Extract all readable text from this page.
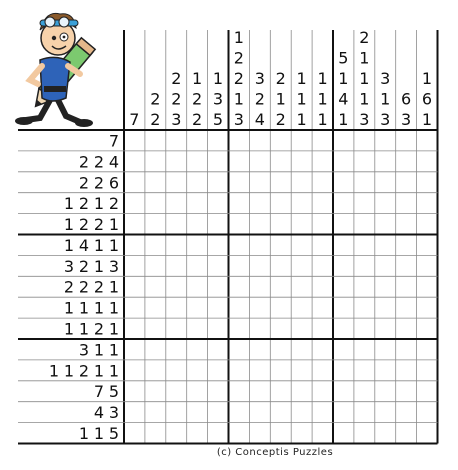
7
2
2
2
2
3
1
2
2
1
3
5
1
2
2
1
3
3
2
4
2
1
2
1
1
1
1
1
1
5
1
4
1
2
1
1
1
3
3
1
3
6
3
1
6
1
7
2 2 4
2 2 6
1 2 1 2
1 2 2 1
1 4 1 1
3 2 1 3
2 2 2 1
1 1 1 1
1 1 2 1
3 1 1
1 1 2 1 1
7 5
4 3
1 1 5
(c) Conceptis Puzzles
